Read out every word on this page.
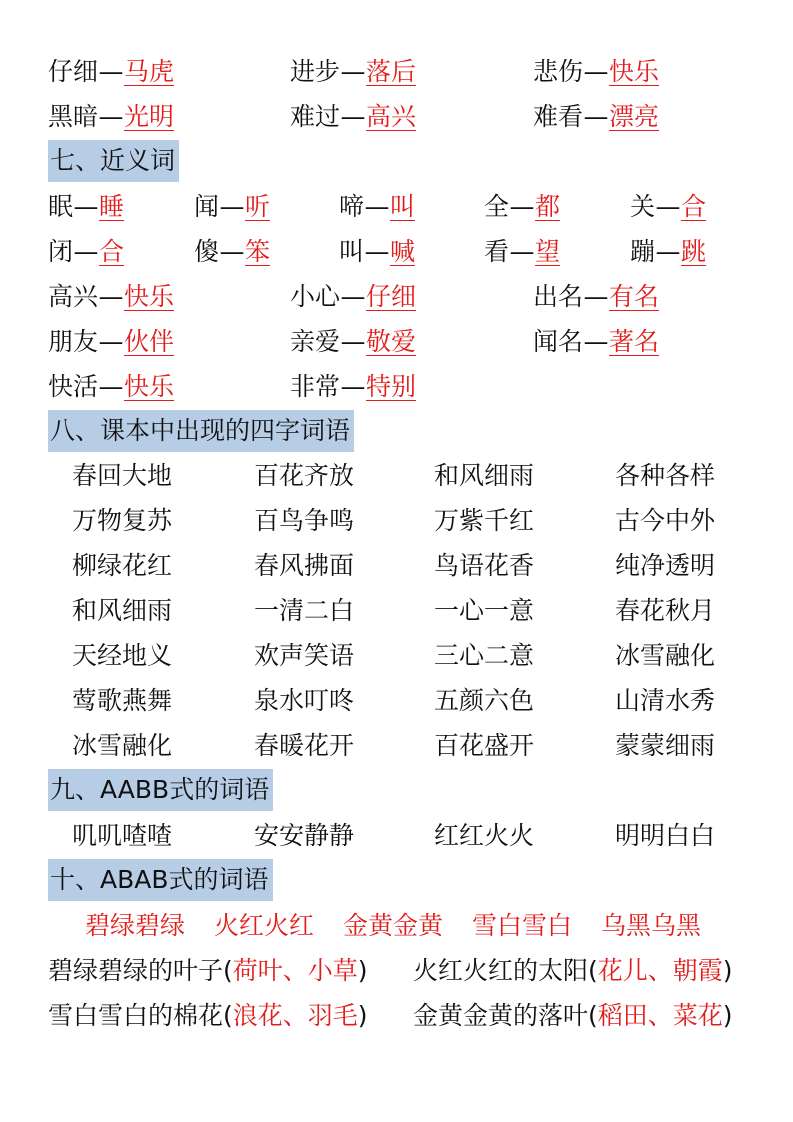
仔细—马虎	进步—落后	悲伤—快乐
黑暗—光明	难过—高兴	难看—漂亮
七、近义词
眠—睡	闻—听	啼—叫	全—都	关—合
闭—合	傻—笨	叫—喊	看—望	蹦—跳
高兴—快乐	小心—仔细	出名—有名
朋友—伙伴	亲爱—敬爱	闻名—著名
快活—快乐	非常—特别
八、课本中出现的四字词语
春回大地	百花齐放	和风细雨	各种各样
万物复苏	百鸟争鸣	万紫千红	古今中外
柳绿花红	春风拂面	鸟语花香	纯净透明
和风细雨	一清二白	一心一意	春花秋月
天经地义	欢声笑语	三心二意	冰雪融化
莺歌燕舞	泉水叮咚	五颜六色	山清水秀
冰雪融化	春暖花开	百花盛开	蒙蒙细雨
九、AABB式的词语
叽叽喳喳	安安静静	红红火火	明明白白
十、ABAB式的词语
碧绿碧绿 火红火红 金黄金黄 雪白雪白 乌黑乌黑
碧绿碧绿的叶子(荷叶、小草) 火红火红的太阳(花儿、朝霞)
雪白雪白的棉花(浪花、羽毛) 金黄金黄的落叶(稻田、菜花)
